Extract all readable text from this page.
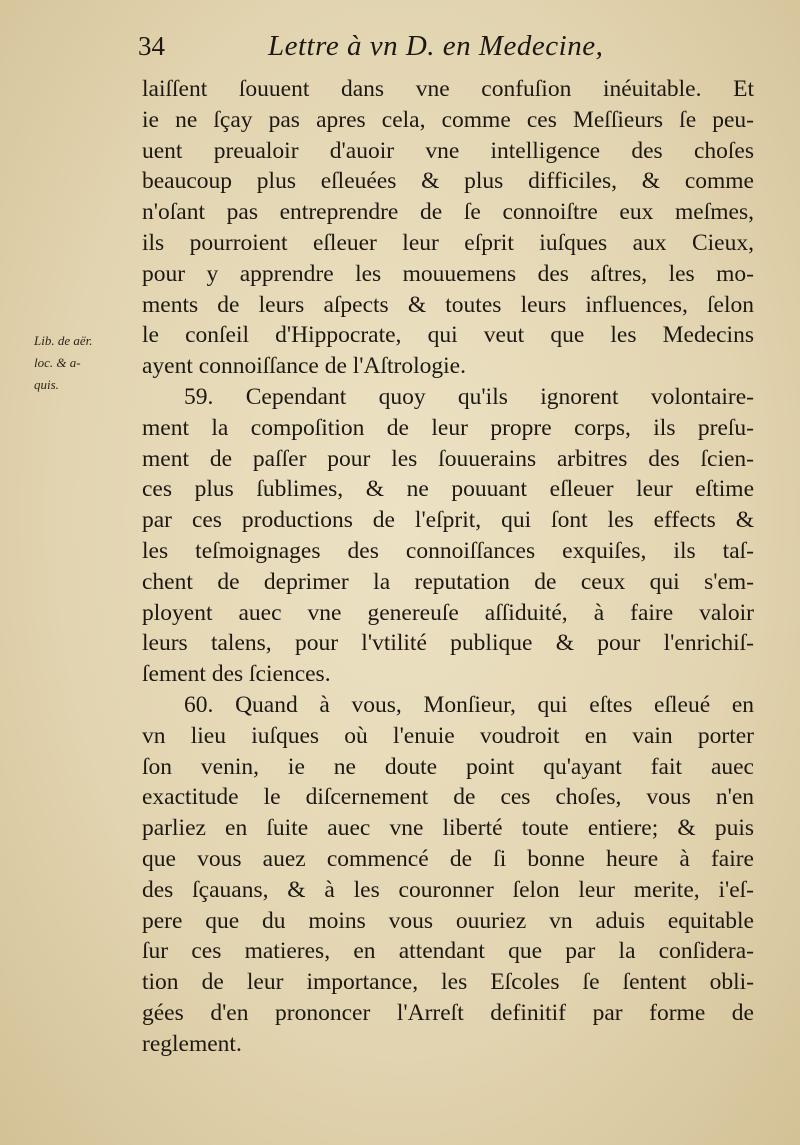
34	Lettre à vn D. en Medecine,
Lib. de aër.
loc. & a-
quis.
laiſſent ſouuent dans vne confuſion inéuitable. Et
ie ne ſçay pas apres cela, comme ces Meſſieurs ſe peu-
uent preualoir d'auoir vne intelligence des choſes
beaucoup plus eſleuées & plus difficiles, & comme
n'oſant pas entreprendre de ſe connoiſtre eux meſmes,
ils pourroient eſleuer leur eſprit iuſques aux Cieux,
pour y apprendre les mouuemens des aſtres, les mo-
ments de leurs aſpects & toutes leurs influences, ſelon
le conſeil d'Hippocrate, qui veut que les Medecins
ayent connoiſſance de l'Aſtrologie.
59. Cependant quoy qu'ils ignorent volontaire-
ment la compoſition de leur propre corps, ils preſu-
ment de paſſer pour les ſouuerains arbitres des ſcien-
ces plus ſublimes, & ne pouuant eſleuer leur eſtime
par ces productions de l'eſprit, qui ſont les effects &
les teſmoignages des connoiſſances exquiſes, ils taſ-
chent de deprimer la reputation de ceux qui s'em-
ployent auec vne genereuſe aſſiduité, à faire valoir
leurs talens, pour l'vtilité publique & pour l'enrichiſ-
ſement des ſciences.
60. Quand à vous, Monſieur, qui eſtes eſleué en
vn lieu iuſques où l'enuie voudroit en vain porter
ſon venin, ie ne doute point qu'ayant fait auec
exactitude le diſcernement de ces choſes, vous n'en
parliez en ſuite auec vne liberté toute entiere; & puis
que vous auez commencé de ſi bonne heure à faire
des ſçauans, & à les couronner ſelon leur merite, i'eſ-
pere que du moins vous ouuriez vn aduis equitable
ſur ces matieres, en attendant que par la conſidera-
tion de leur importance, les Eſcoles ſe ſentent obli-
gées d'en prononcer l'Arreſt definitif par forme de
reglement.
